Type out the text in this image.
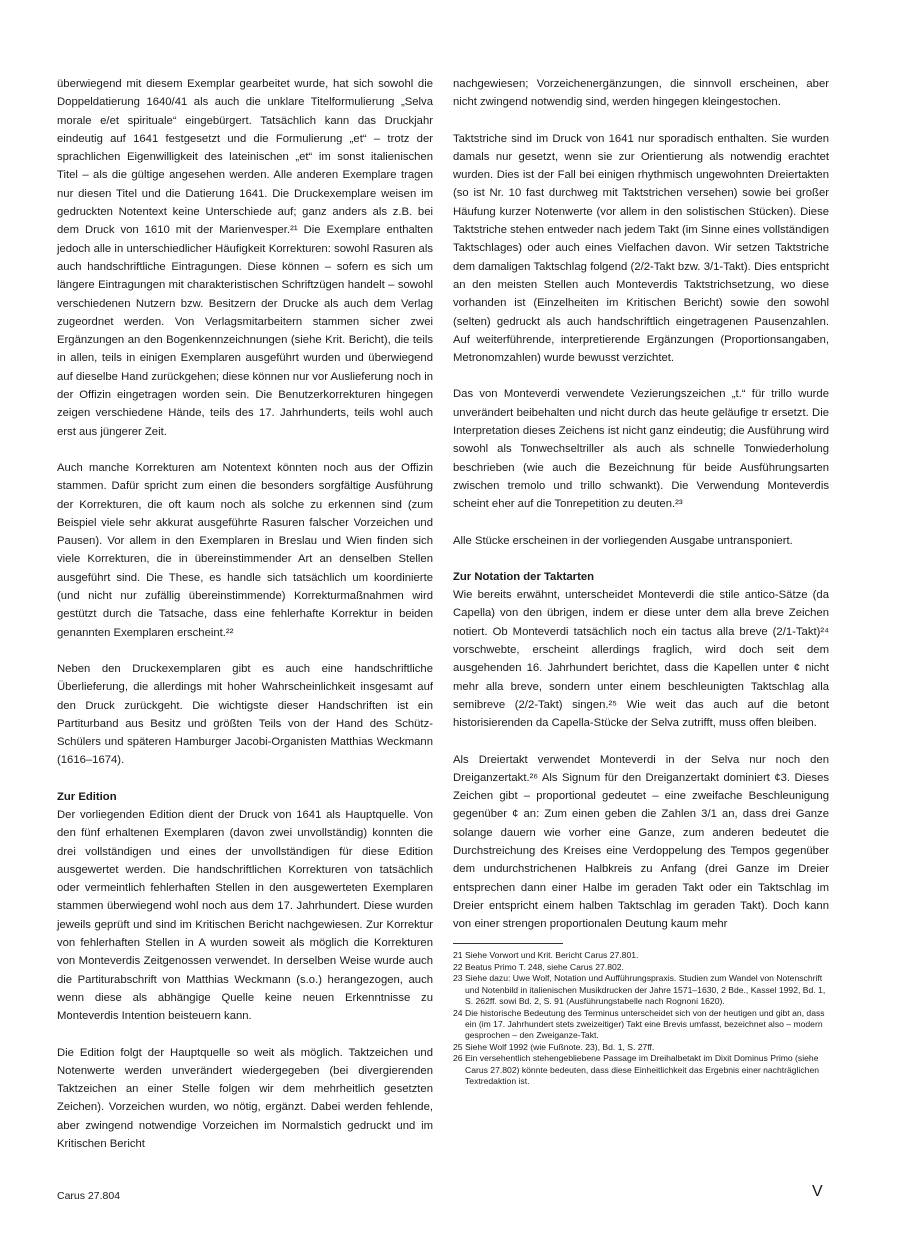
überwiegend mit diesem Exemplar gearbeitet wurde, hat sich sowohl die Doppeldatierung 1640/41 als auch die unklare Titelformulierung „Selva morale e/et spirituale“ eingebürgert. Tatsächlich kann das Druckjahr eindeutig auf 1641 festgesetzt und die Formulierung „et“ – trotz der sprachlichen Eigenwilligkeit des lateinischen „et“ im sonst italienischen Titel – als die gültige angesehen werden. Alle anderen Exemplare tragen nur diesen Titel und die Datierung 1641. Die Druckexemplare weisen im gedruckten Notentext keine Unterschiede auf; ganz anders als z.B. bei dem Druck von 1610 mit der Marienvesper.²¹ Die Exemplare enthalten jedoch alle in unterschiedlicher Häufigkeit Korrekturen: sowohl Rasuren als auch handschriftliche Eintragungen. Diese können – sofern es sich um längere Eintragungen mit charakteristischen Schriftzügen handelt – sowohl verschiedenen Nutzern bzw. Besitzern der Drucke als auch dem Verlag zugeordnet werden. Von Verlagsmitarbeitern stammen sicher zwei Ergänzungen an den Bogenkennzeichnungen (siehe Krit. Bericht), die teils in allen, teils in einigen Exemplaren ausgeführt wurden und überwiegend auf dieselbe Hand zurückgehen; diese können nur vor Auslieferung noch in der Offizin eingetragen worden sein. Die Benutzerkorrekturen hingegen zeigen verschiedene Hände, teils des 17. Jahrhunderts, teils wohl auch erst aus jüngerer Zeit.

Auch manche Korrekturen am Notentext könnten noch aus der Offizin stammen. Dafür spricht zum einen die besonders sorgfältige Ausführung der Korrekturen, die oft kaum noch als solche zu erkennen sind (zum Beispiel viele sehr akkurat ausgeführte Rasuren falscher Vorzeichen und Pausen). Vor allem in den Exemplaren in Breslau und Wien finden sich viele Korrekturen, die in übereinstimmender Art an denselben Stellen ausgeführt sind. Die These, es handle sich tatsächlich um koordinierte (und nicht nur zufällig übereinstimmende) Korrekturmaßnahmen wird gestützt durch die Tatsache, dass eine fehlerhafte Korrektur in beiden genannten Exemplaren erscheint.²²

Neben den Druckexemplaren gibt es auch eine handschriftliche Überlieferung, die allerdings mit hoher Wahrscheinlichkeit insgesamt auf den Druck zurückgeht. Die wichtigste dieser Handschriften ist ein Partiturband aus Besitz und größten Teils von der Hand des Schütz-Schülers und späteren Hamburger Jacobi-Organisten Matthias Weckmann (1616–1674).

Zur Edition

Der vorliegenden Edition dient der Druck von 1641 als Hauptquelle. Von den fünf erhaltenen Exemplaren (davon zwei unvollständig) konnten die drei vollständigen und eines der unvollständigen für diese Edition ausgewertet werden. Die handschriftlichen Korrekturen von tatsächlich oder vermeintlich fehlerhaften Stellen in den ausgewerteten Exemplaren stammen überwiegend wohl noch aus dem 17. Jahrhundert. Diese wurden jeweils geprüft und sind im Kritischen Bericht nachgewiesen. Zur Korrektur von fehlerhaften Stellen in A wurden soweit als möglich die Korrekturen von Monteverdis Zeitgenossen verwendet. In derselben Weise wurde auch die Partiturabschrift von Matthias Weckmann (s.o.) herangezogen, auch wenn diese als abhängige Quelle keine neuen Erkenntnisse zu Monteverdis Intention beisteuern kann.

Die Edition folgt der Hauptquelle so weit als möglich. Taktzeichen und Notenwerte werden unverändert wiedergegeben (bei divergierenden Taktzeichen an einer Stelle folgen wir dem mehrheitlich gesetzten Zeichen). Vorzeichen wurden, wo nötig, ergänzt. Dabei werden fehlende, aber zwingend notwendige Vorzeichen im Normalstich gedruckt und im Kritischen Bericht

nachgewiesen; Vorzeichenergänzungen, die sinnvoll erscheinen, aber nicht zwingend notwendig sind, werden hingegen kleingestochen.

Taktstriche sind im Druck von 1641 nur sporadisch enthalten. Sie wurden damals nur gesetzt, wenn sie zur Orientierung als notwendig erachtet wurden. Dies ist der Fall bei einigen rhythmisch ungewohnten Dreiertakten (so ist Nr. 10 fast durchweg mit Taktstrichen versehen) sowie bei großer Häufung kurzer Notenwerte (vor allem in den solistischen Stücken). Diese Taktstriche stehen entweder nach jedem Takt (im Sinne eines vollständigen Taktschlages) oder auch eines Vielfachen davon. Wir setzen Taktstriche dem damaligen Taktschlag folgend (2/2-Takt bzw. 3/1-Takt). Dies entspricht an den meisten Stellen auch Monteverdis Taktstrichsetzung, wo diese vorhanden ist (Einzelheiten im Kritischen Bericht) sowie den sowohl (selten) gedruckt als auch handschriftlich eingetragenen Pausenzahlen. Auf weiterführende, interpretierende Ergänzungen (Proportionsangaben, Metronomzahlen) wurde bewusst verzichtet.

Das von Monteverdi verwendete Vezierungszeichen „t.“ für trillo wurde unverändert beibehalten und nicht durch das heute geläufige tr ersetzt. Die Interpretation dieses Zeichens ist nicht ganz eindeutig; die Ausführung wird sowohl als Tonwechseltriller als auch als schnelle Tonwiederholung beschrieben (wie auch die Bezeichnung für beide Ausführungsarten zwischen tremolo und trillo schwankt). Die Verwendung Monteverdis scheint eher auf die Tonrepetition zu deuten.²³

Alle Stücke erscheinen in der vorliegenden Ausgabe untransponiert.

Zur Notation der Taktarten

Wie bereits erwähnt, unterscheidet Monteverdi die stile antico-Sätze (da Capella) von den übrigen, indem er diese unter dem alla breve Zeichen notiert. Ob Monteverdi tatsächlich noch ein tactus alla breve (2/1-Takt)²⁴ vorschwebte, erscheint allerdings fraglich, wird doch seit dem ausgehenden 16. Jahrhundert berichtet, dass die Kapellen unter ¢ nicht mehr alla breve, sondern unter einem beschleunigten Taktschlag alla semibreve (2/2-Takt) singen.²⁵ Wie weit das auch auf die betont historisierenden da Capella-Stücke der Selva zutrifft, muss offen bleiben.

Als Dreiertakt verwendet Monteverdi in der Selva nur noch den Dreiganzertakt.²⁶ Als Signum für den Dreiganzertakt dominiert ¢3. Dieses Zeichen gibt – proportional gedeutet – eine zweifache Beschleunigung gegenüber ¢ an: Zum einen geben die Zahlen 3/1 an, dass drei Ganze solange dauern wie vorher eine Ganze, zum anderen bedeutet die Durchstreichung des Kreises eine Verdoppelung des Tempos gegenüber dem undurchstrichenen Halbkreis zu Anfang (drei Ganze im Dreier entsprechen dann einer Halbe im geraden Takt oder ein Taktschlag im Dreier entspricht einem halben Taktschlag im geraden Takt). Doch kann von einer strengen proportionalen Deutung kaum mehr

21 Siehe Vorwort und Krit. Bericht Carus 27.801.
22 Beatus Primo T. 248, siehe Carus 27.802.
23 Siehe dazu: Uwe Wolf, Notation und Aufführungspraxis. Studien zum Wandel von Notenschrift und Notenbild in italienischen Musikdrucken der Jahre 1571–1630, 2 Bde., Kassel 1992, Bd. 1, S. 262ff. sowi Bd. 2, S. 91 (Ausführungstabelle nach Rognoni 1620).
24 Die historische Bedeutung des Terminus unterscheidet sich von der heutigen und gibt an, dass ein (im 17. Jahrhundert stets zweizeitiger) Takt eine Brevis umfasst, bezeichnet also – modern gesprochen – den Zweiganze-Takt.
25 Siehe Wolf 1992 (wie Fußnote. 23), Bd. 1, S. 27ff.
26 Ein versehentlich stehengebliebene Passage im Dreihalbetakt im Dixit Dominus Primo (siehe Carus 27.802) könnte bedeuten, dass diese Einheitlichkeit das Ergebnis einer nachträglichen Textredaktion ist.
Carus 27.804	V
